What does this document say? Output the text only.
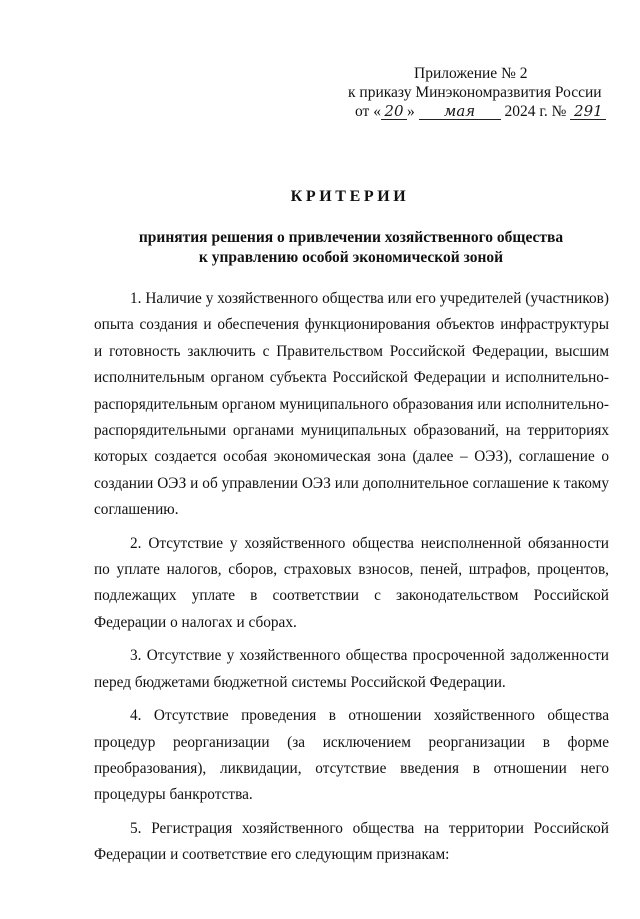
Приложение № 2
к приказу Минэкономразвития России
от « 20 » мая 2024 г. № 291
КРИТЕРИИ
принятия решения о привлечении хозяйственного общества
к управлению особой экономической зоной

1. Наличие у хозяйственного общества или его учредителей (участников) опыта создания и обеспечения функционирования объектов инфраструктуры и готовность заключить с Правительством Российской Федерации, высшим исполнительным органом субъекта Российской Федерации и исполнительно-распорядительным органом муниципального образования или исполнительно-распорядительными органами муниципальных образований, на территориях которых создается особая экономическая зона (далее – ОЭЗ), соглашение о создании ОЭЗ и об управлении ОЭЗ или дополнительное соглашение к такому соглашению.

2. Отсутствие у хозяйственного общества неисполненной обязанности по уплате налогов, сборов, страховых взносов, пеней, штрафов, процентов, подлежащих уплате в соответствии с законодательством Российской Федерации о налогах и сборах.

3. Отсутствие у хозяйственного общества просроченной задолженности перед бюджетами бюджетной системы Российской Федерации.

4. Отсутствие проведения в отношении хозяйственного общества процедур реорганизации (за исключением реорганизации в форме преобразования), ликвидации, отсутствие введения в отношении него процедуры банкротства.

5. Регистрация хозяйственного общества на территории Российской Федерации и соответствие его следующим признакам:
